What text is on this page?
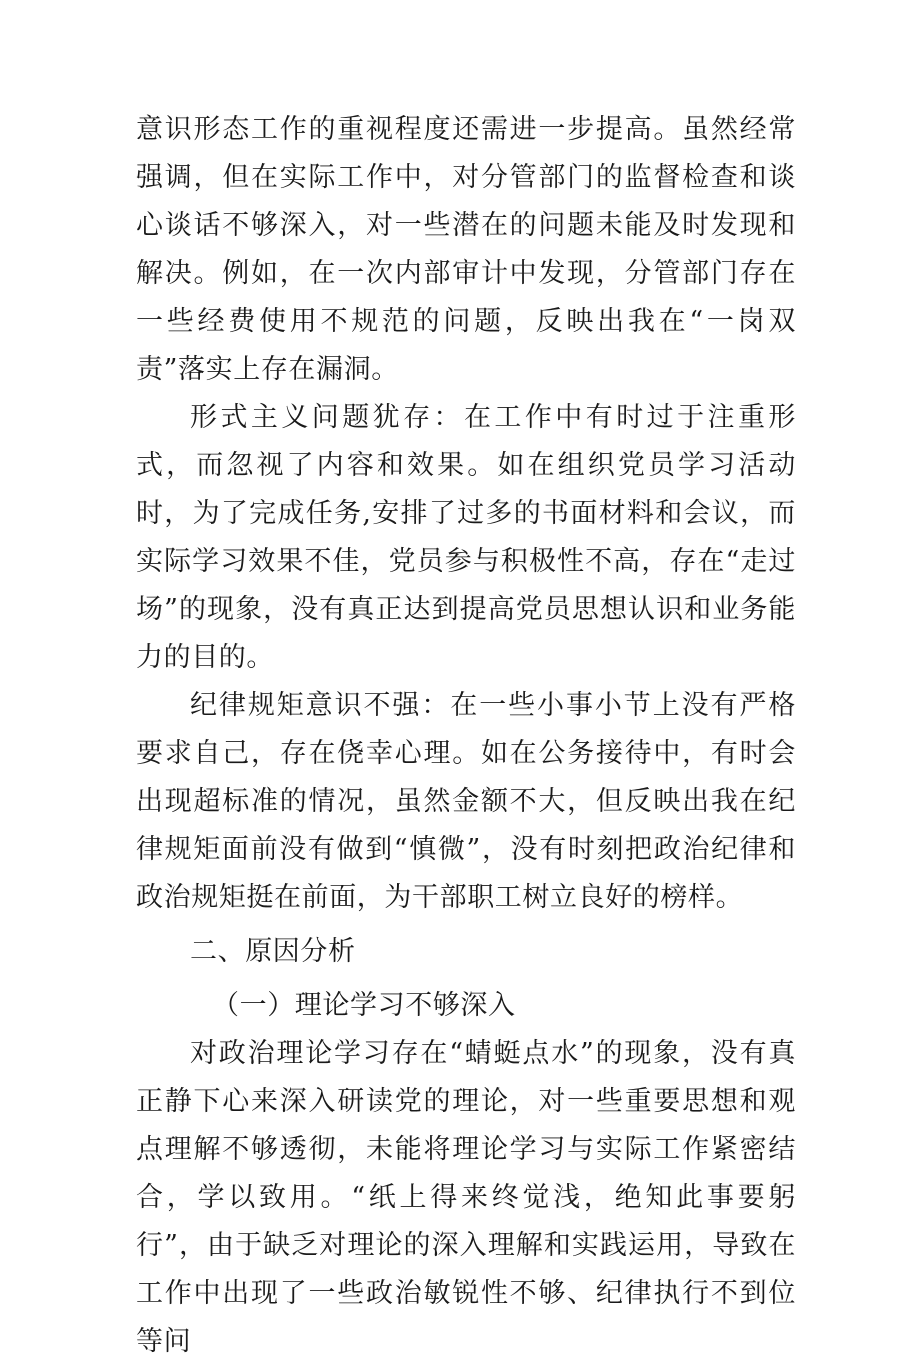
意识形态工作的重视程度还需进一步提高。虽然经常强调，但在实际工作中，对分管部门的监督检查和谈心谈话不够深入，对一些潜在的问题未能及时发现和解决。例如，在一次内部审计中发现，分管部门存在一些经费使用不规范的问题，反映出我在“一岗双责”落实上存在漏洞。

形式主义问题犹存：在工作中有时过于注重形式，而忽视了内容和效果。如在组织党员学习活动时，为了完成任务,安排了过多的书面材料和会议，而实际学习效果不佳，党员参与积极性不高，存在“走过场”的现象，没有真正达到提高党员思想认识和业务能力的目的。

纪律规矩意识不强：在一些小事小节上没有严格要求自己，存在侥幸心理。如在公务接待中，有时会出现超标准的情况，虽然金额不大，但反映出我在纪律规矩面前没有做到“慎微”，没有时刻把政治纪律和政治规矩挺在前面，为干部职工树立良好的榜样。

二、原因分析

（一）理论学习不够深入

对政治理论学习存在“蜻蜓点水”的现象，没有真正静下心来深入研读党的理论，对一些重要思想和观点理解不够透彻，未能将理论学习与实际工作紧密结合，学以致用。“纸上得来终觉浅，绝知此事要躬行”，由于缺乏对理论的深入理解和实践运用，导致在工作中出现了一些政治敏锐性不够、纪律执行不到位等问
